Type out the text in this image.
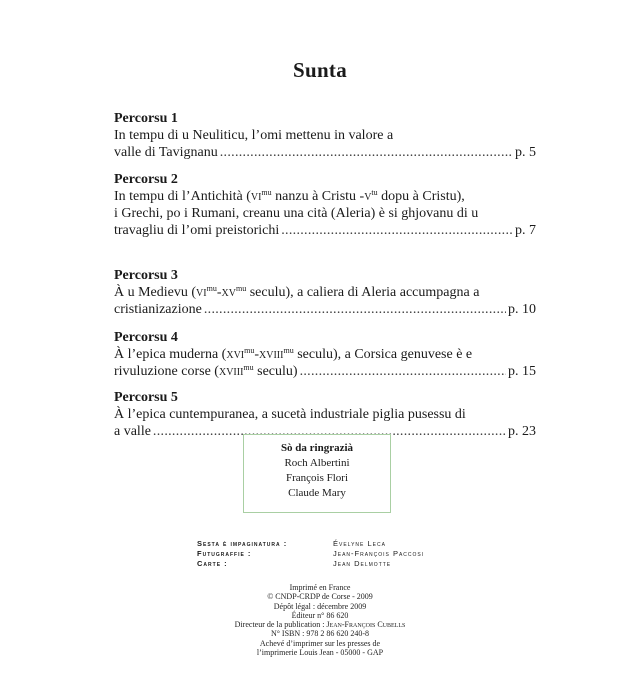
Sunta
Percorsu 1
In tempu di u Neuliticu, l’omi mettenu in valore a
valle di Tavignanu . . .	p. 5
Percorsu 2
In tempu di l’Antichità ($vi^{mu}$ nanzu à Cristu $-v^{tu}$ dopu à Cristu),
i Grechi, po i Rumani, creanu una cità (Aleria) è si ghjovanu di u
travagliu di l’omi preistorichi . . .	p. 7
Percorsu 3
À u Medievu ($vi^{mu}-xv^{mu}$ seculu), a caliera di Aleria accumpagna a
cristianizazione . . .	p. 10
Percorsu 4
À l’epica muderna (xvi$^{mu}$-xviii$^{mu}$ seculu), a Corsica genuvese è e
rivuluzione corse (xviii$^{mu}$ seculu) . . .	p. 15
Percorsu 5
À l’epica cuntempuranea, a sucetà industriale piglia pusessu di
a valle . . .	p. 23
Sò da ringrazià
Roch Albertini
François Flori
Claude Mary
Sesta è impaginatura :	Évelyne Leca
Futugraffie :	Jean-François Paccosi
Carte :	Jean Delmotte
Imprimé en France
© CNDP-CRDP de Corse - 2009
Dépôt légal : décembre 2009
Éditeur n° 86 620
Directeur de la publication : Jean-François Cubells
N° ISBN : 978 2 86 620 240-8
Achevé d’imprimer sur les presses de
l’imprimerie Louis Jean - 05000 - GAP
